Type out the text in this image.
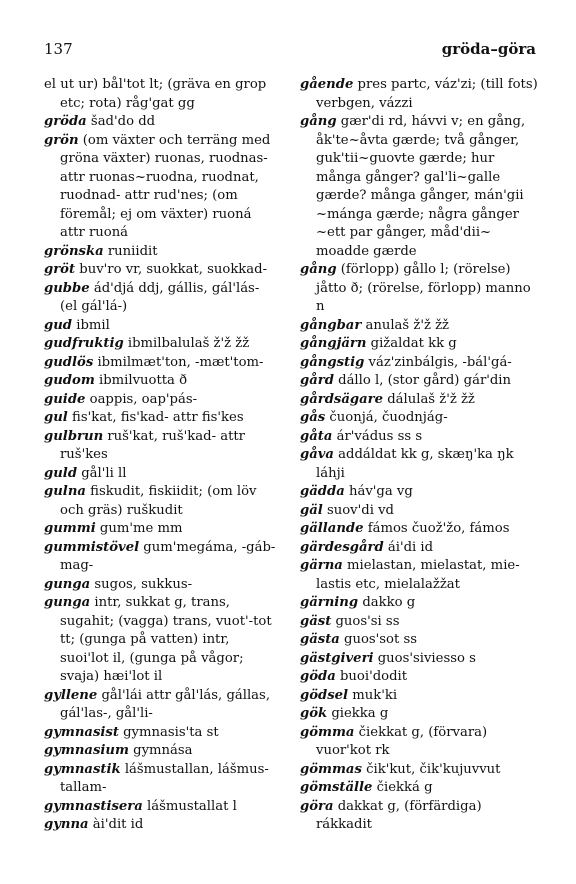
137	gröda–göra
el ut ur) bål'tot lt; (gräva en grop etc; rota) råg'gat gg
gröda šad'do dd
grön (om växter och terräng med gröna växter) ruonas, ruodnas-attr ruonas~ruodna, ruodnat, ruodnad- attr rud'nes; (om föremål; ej om växter) ruoná attr ruoná
grönska runiidit
gröt buv'ro vr, suokkat, suokkad-
gubbe ád'djá ddj, gállis, gál'lás- (el gál'lá-)
gud ibmil
gudfruktig ibmilbalulaš ž'ž žž
gudlös ibmilmæt'ton, -mæt'tom-
gudom ibmilvuotta ð
guide oappis, oap'pás-
gul fis'kat, fis'kad- attr fis'kes
gulbrun ruš'kat, ruš'kad- attr ruš'kes
guld gål'li ll
gulna fiskudit, fiskiidit; (om löv och gräs) ruškudit
gummi gum'me mm
gummistövel gum'megáma, -gáb-mag-
gunga sugos, sukkus-
gunga intr, sukkat g, trans, sugahit; (vagga) trans, vuot'-tot tt; (gunga på vatten) intr, suoi'lot il, (gunga på vågor; svaja) hæi'lot il
gyllene gål'lái attr gål'lás, gállas, gál'las-, gål'li-
gymnasist gymnasis'ta st
gymnasium gymnása
gymnastik lášmustallan, lášmus-tallam-
gymnastisera lášmustallat l
gynna ài'dit id
gående pres partc, váz'zi; (till fots) verbgen, vázzi
gång gær'di rd, hávvi v; en gång, åk'te~åvta gærde; två gånger, guk'tii~guovte gærde; hur många gånger? gal'li~galle gærde? många gånger, mán'gii ~mánga gærde; några gånger ~ett par gånger, måd'dii~ moadde gærde
gång (förlopp) gållo l; (rörelse) jåtto ð; (rörelse, förlopp) manno n
gångbar anulaš ž'ž žž
gångjärn gižaldat kk g
gångstig váz'zinbálgis, -bál'gá-
gård dállo l, (stor gård) gár'din
gårdsägare dálulaš ž'ž žž
gås čuonjá, čuodnjág-
gåta ár'vádus ss s
gåva addáldat kk g, skæŋ'ka ŋk láhji
gädda háv'ga vg
gäl suov'di vd
gällande fámos čuož'žo, fámos
gärdesgård ái'di id
gärna mielastan, mielastat, mie-lastis etc, mielalažžat
gärning dakko g
gäst guos'si ss
gästa guos'sot ss
gästgiveri guos'siviesso s
göda buoi'dodit
gödsel muk'ki
gök giekka g
gömma čiekkat g, (förvara) vuor'kot rk
gömmas čik'kut, čik'kujuvvut
gömställe čiekká g
göra dakkat g, (förfärdiga) rákkadit
